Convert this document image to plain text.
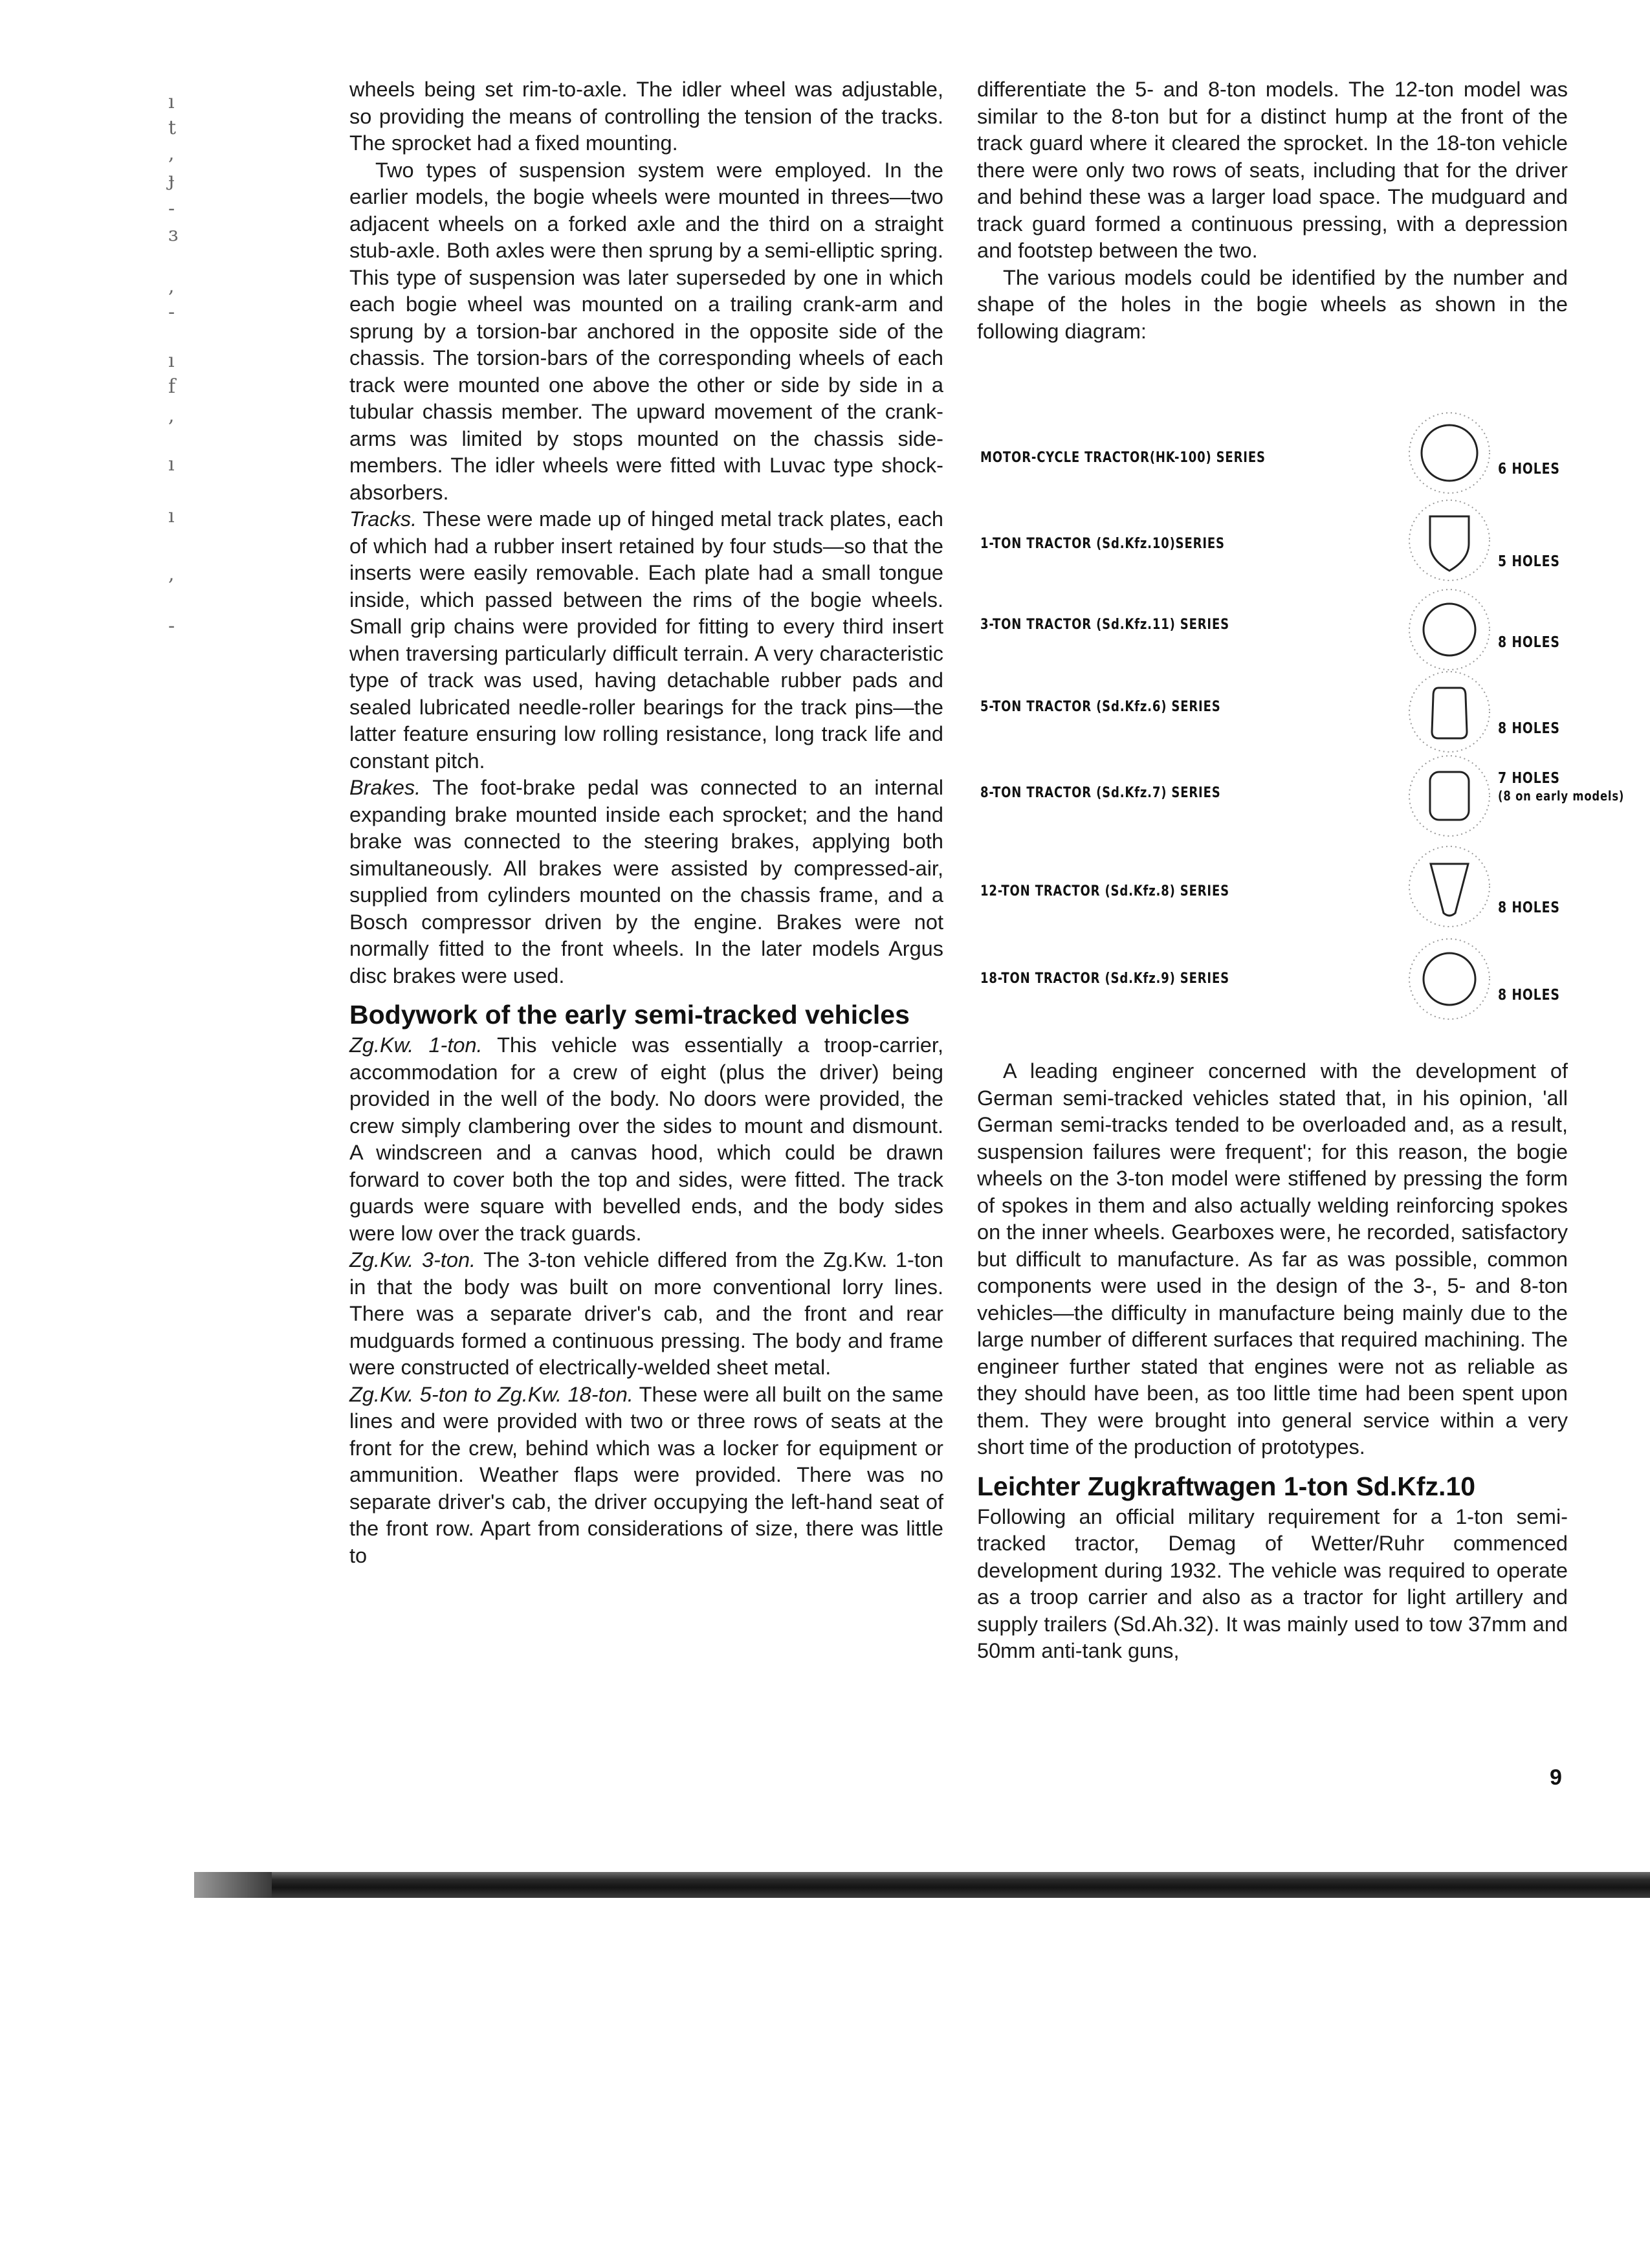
ı
t
,
ɟ
-
ɜ
,
-
ı
f
,
ı
ı
,
-

wheels being set rim-to-axle. The idler wheel was adjustable, so providing the means of controlling the tension of the tracks. The sprocket had a fixed mounting.

Two types of suspension system were employed. In the earlier models, the bogie wheels were mounted in threes—two adjacent wheels on a forked axle and the third on a straight stub-axle. Both axles were then sprung by a semi-elliptic spring. This type of suspension was later superseded by one in which each bogie wheel was mounted on a trailing crank-arm and sprung by a torsion-bar anchored in the opposite side of the chassis. The torsion-bars of the corresponding wheels of each track were mounted one above the other or side by side in a tubular chassis member. The upward movement of the crank-arms was limited by stops mounted on the chassis side-members. The idler wheels were fitted with Luvac type shock-absorbers.

Tracks. These were made up of hinged metal track plates, each of which had a rubber insert retained by four studs—so that the inserts were easily removable. Each plate had a small tongue inside, which passed between the rims of the bogie wheels. Small grip chains were provided for fitting to every third insert when traversing particularly difficult terrain. A very characteristic type of track was used, having detachable rubber pads and sealed lubricated needle-roller bearings for the track pins—the latter feature ensuring low rolling resistance, long track life and constant pitch.

Brakes. The foot-brake pedal was connected to an internal expanding brake mounted inside each sprocket; and the hand brake was connected to the steering brakes, applying both simultaneously. All brakes were assisted by compressed-air, supplied from cylinders mounted on the chassis frame, and a Bosch compressor driven by the engine. Brakes were not normally fitted to the front wheels. In the later models Argus disc brakes were used.

Bodywork of the early semi-tracked vehicles

Zg.Kw. 1-ton. This vehicle was essentially a troop-carrier, accommodation for a crew of eight (plus the driver) being provided in the well of the body. No doors were provided, the crew simply clambering over the sides to mount and dismount. A windscreen and a canvas hood, which could be drawn forward to cover both the top and sides, were fitted. The track guards were square with bevelled ends, and the body sides were low over the track guards.

Zg.Kw. 3-ton. The 3-ton vehicle differed from the Zg.Kw. 1-ton in that the body was built on more conventional lorry lines. There was a separate driver's cab, and the front and rear mudguards formed a continuous pressing. The body and frame were constructed of electrically-welded sheet metal.

Zg.Kw. 5-ton to Zg.Kw. 18-ton. These were all built on the same lines and were provided with two or three rows of seats at the front for the crew, behind which was a locker for equipment or ammunition. Weather flaps were provided. There was no separate driver's cab, the driver occupying the left-hand seat of the front row. Apart from considerations of size, there was little to

differentiate the 5- and 8-ton models. The 12-ton model was similar to the 8-ton but for a distinct hump at the front of the track guard where it cleared the sprocket. In the 18-ton vehicle there were only two rows of seats, including that for the driver and behind these was a larger load space. The mudguard and track guard formed a continuous pressing, with a depression and footstep between the two.

The various models could be identified by the number and shape of the holes in the bogie wheels as shown in the following diagram:

MOTOR-CYCLE TRACTOR(HK-100) SERIES
6 HOLES
1-TON TRACTOR (Sd.Kfz.10)SERIES
5 HOLES
3-TON TRACTOR (Sd.Kfz.11) SERIES
8 HOLES
5-TON TRACTOR (Sd.Kfz.6) SERIES
8 HOLES
8-TON TRACTOR (Sd.Kfz.7) SERIES
7 HOLES
(8 on early models)
12-TON TRACTOR (Sd.Kfz.8) SERIES
8 HOLES
18-TON TRACTOR (Sd.Kfz.9) SERIES
8 HOLES

A leading engineer concerned with the development of German semi-tracked vehicles stated that, in his opinion, 'all German semi-tracks tended to be overloaded and, as a result, suspension failures were frequent'; for this reason, the bogie wheels on the 3-ton model were stiffened by pressing the form of spokes in them and also actually welding reinforcing spokes on the inner wheels. Gearboxes were, he recorded, satisfactory but difficult to manufacture. As far as was possible, common components were used in the design of the 3-, 5- and 8-ton vehicles—the difficulty in manufacture being mainly due to the large number of different surfaces that required machining. The engineer further stated that engines were not as reliable as they should have been, as too little time had been spent upon them. They were brought into general service within a very short time of the production of prototypes.

Leichter Zugkraftwagen 1-ton Sd.Kfz.10

Following an official military requirement for a 1-ton semi-tracked tractor, Demag of Wetter/Ruhr commenced development during 1932. The vehicle was required to operate as a troop carrier and also as a tractor for light artillery and supply trailers (Sd.Ah.32). It was mainly used to tow 37mm and 50mm anti-tank guns,

9
